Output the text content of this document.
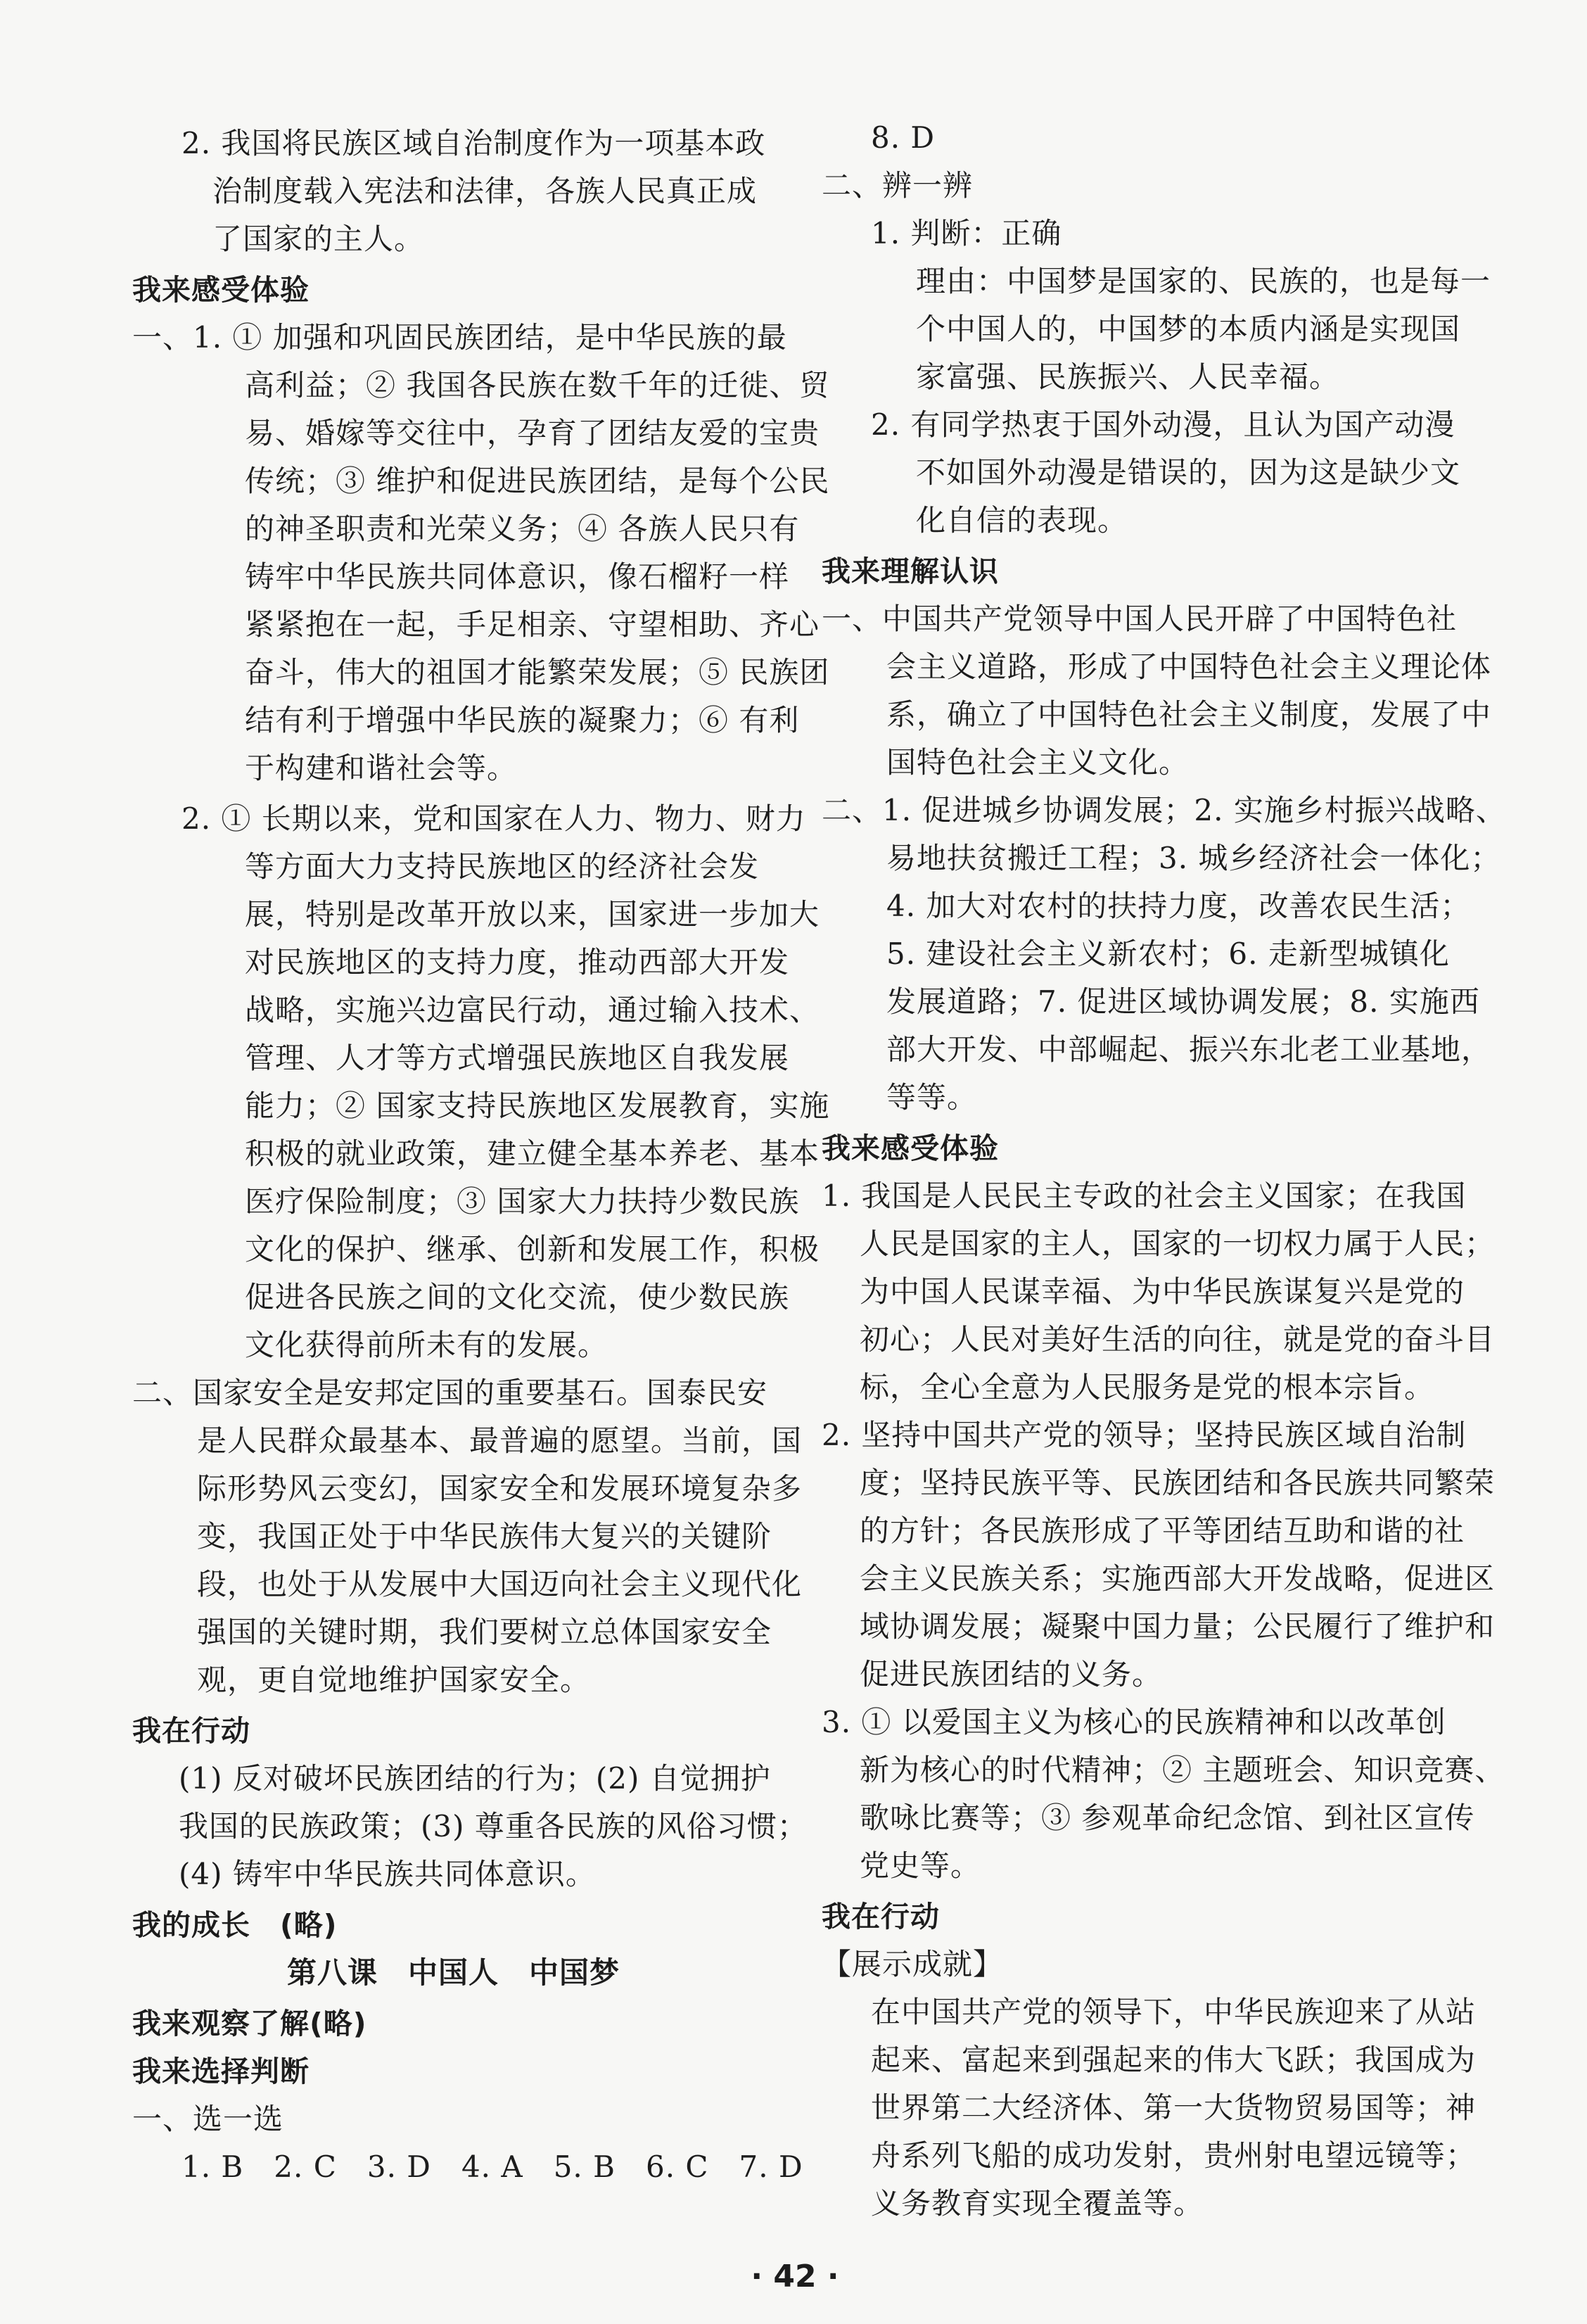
2. 我国将民族区域自治制度作为一项基本政
治制度载入宪法和法律，各族人民真正成
了国家的主人。
我来感受体验
一、1. ① 加强和巩固民族团结，是中华民族的最
高利益；② 我国各民族在数千年的迁徙、贸
易、婚嫁等交往中，孕育了团结友爱的宝贵
传统；③ 维护和促进民族团结，是每个公民
的神圣职责和光荣义务；④ 各族人民只有
铸牢中华民族共同体意识，像石榴籽一样
紧紧抱在一起，手足相亲、守望相助、齐心
奋斗，伟大的祖国才能繁荣发展；⑤ 民族团
结有利于增强中华民族的凝聚力；⑥ 有利
于构建和谐社会等。
2. ① 长期以来，党和国家在人力、物力、财力
等方面大力支持民族地区的经济社会发
展，特别是改革开放以来，国家进一步加大
对民族地区的支持力度，推动西部大开发
战略，实施兴边富民行动，通过输入技术、
管理、人才等方式增强民族地区自我发展
能力；② 国家支持民族地区发展教育，实施
积极的就业政策，建立健全基本养老、基本
医疗保险制度；③ 国家大力扶持少数民族
文化的保护、继承、创新和发展工作，积极
促进各民族之间的文化交流，使少数民族
文化获得前所未有的发展。
二、国家安全是安邦定国的重要基石。国泰民安
是人民群众最基本、最普遍的愿望。当前，国
际形势风云变幻，国家安全和发展环境复杂多
变，我国正处于中华民族伟大复兴的关键阶
段，也处于从发展中大国迈向社会主义现代化
强国的关键时期，我们要树立总体国家安全
观，更自觉地维护国家安全。
我在行动
(1) 反对破坏民族团结的行为；(2) 自觉拥护
我国的民族政策；(3) 尊重各民族的风俗习惯；
(4) 铸牢中华民族共同体意识。
我的成长　(略)
第八课　中国人　中国梦
我来观察了解(略)
我来选择判断
一、选一选
1. B　2. C　3. D　4. A　5. B　6. C　7. D
8. D
二、辨一辨
1. 判断：正确
理由：中国梦是国家的、民族的，也是每一
个中国人的，中国梦的本质内涵是实现国
家富强、民族振兴、人民幸福。
2. 有同学热衷于国外动漫，且认为国产动漫
不如国外动漫是错误的，因为这是缺少文
化自信的表现。
我来理解认识
一、中国共产党领导中国人民开辟了中国特色社
会主义道路，形成了中国特色社会主义理论体
系，确立了中国特色社会主义制度，发展了中
国特色社会主义文化。
二、1. 促进城乡协调发展；2. 实施乡村振兴战略、
易地扶贫搬迁工程；3. 城乡经济社会一体化；
4. 加大对农村的扶持力度，改善农民生活；
5. 建设社会主义新农村；6. 走新型城镇化
发展道路；7. 促进区域协调发展；8. 实施西
部大开发、中部崛起、振兴东北老工业基地，
等等。
我来感受体验
1. 我国是人民民主专政的社会主义国家；在我国
人民是国家的主人，国家的一切权力属于人民；
为中国人民谋幸福、为中华民族谋复兴是党的
初心；人民对美好生活的向往，就是党的奋斗目
标，全心全意为人民服务是党的根本宗旨。
2. 坚持中国共产党的领导；坚持民族区域自治制
度；坚持民族平等、民族团结和各民族共同繁荣
的方针；各民族形成了平等团结互助和谐的社
会主义民族关系；实施西部大开发战略，促进区
域协调发展；凝聚中国力量；公民履行了维护和
促进民族团结的义务。
3. ① 以爱国主义为核心的民族精神和以改革创
新为核心的时代精神；② 主题班会、知识竞赛、
歌咏比赛等；③ 参观革命纪念馆、到社区宣传
党史等。
我在行动
【展示成就】
在中国共产党的领导下，中华民族迎来了从站
起来、富起来到强起来的伟大飞跃；我国成为
世界第二大经济体、第一大货物贸易国等；神
舟系列飞船的成功发射，贵州射电望远镜等；
义务教育实现全覆盖等。
· 42 ·
